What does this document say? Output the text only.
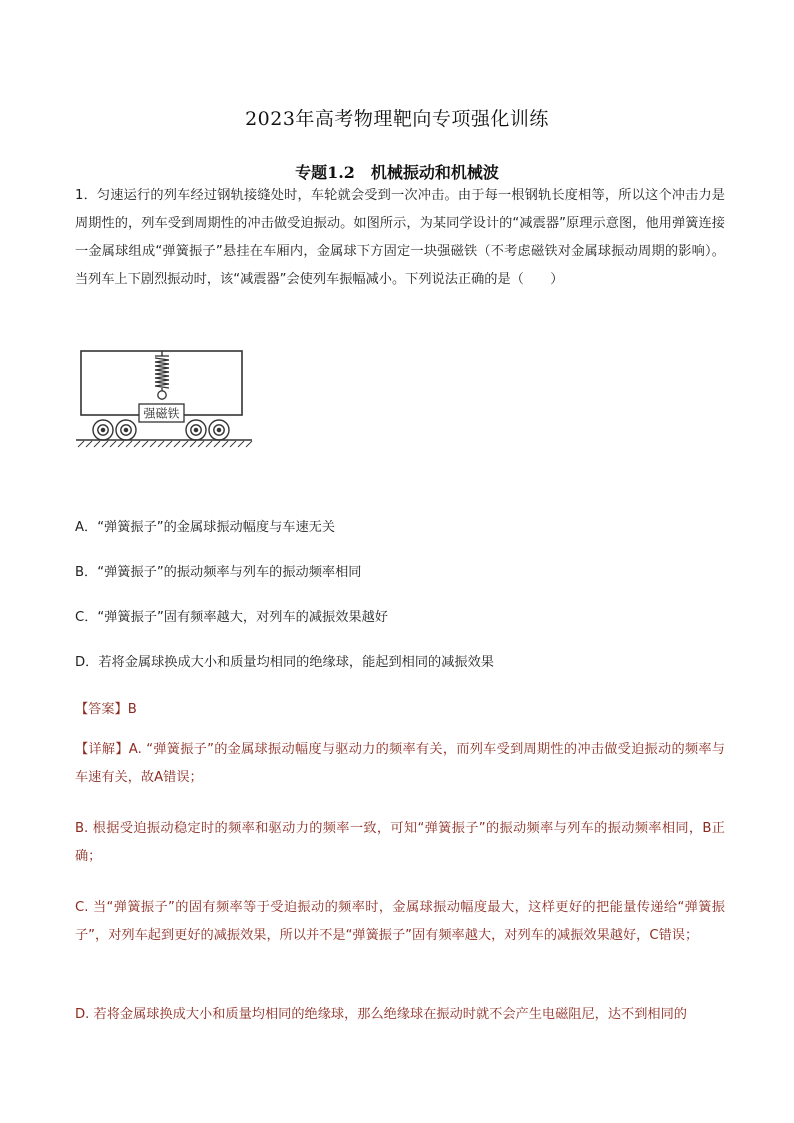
2023年高考物理靶向专项强化训练
专题1.2　机械振动和机械波
1．匀速运行的列车经过钢轨接缝处时，车轮就会受到一次冲击。由于每一根钢轨长度相等，所以这个冲击力是周期性的，列车受到周期性的冲击做受迫振动。如图所示，为某同学设计的“减震器”原理示意图，他用弹簧连接一金属球组成“弹簧振子”悬挂在车厢内，金属球下方固定一块强磁铁（不考虑磁铁对金属球振动周期的影响）。当列车上下剧烈振动时，该“减震器”会使列车振幅减小。下列说法正确的是（　　）
强磁铁
A．“弹簧振子”的金属球振动幅度与车速无关
B．“弹簧振子”的振动频率与列车的振动频率相同
C．“弹簧振子”固有频率越大，对列车的减振效果越好
D．若将金属球换成大小和质量均相同的绝缘球，能起到相同的减振效果
【答案】B
【详解】A. “弹簧振子”的金属球振动幅度与驱动力的频率有关，而列车受到周期性的冲击做受迫振动的频率与车速有关，故A错误；
B. 根据受迫振动稳定时的频率和驱动力的频率一致，可知“弹簧振子”的振动频率与列车的振动频率相同，B正确；
C. 当“弹簧振子”的固有频率等于受迫振动的频率时，金属球振动幅度最大，这样更好的把能量传递给“弹簧振子”，对列车起到更好的减振效果，所以并不是“弹簧振子”固有频率越大，对列车的减振效果越好，C错误；
D. 若将金属球换成大小和质量均相同的绝缘球，那么绝缘球在振动时就不会产生电磁阻尼，达不到相同的
